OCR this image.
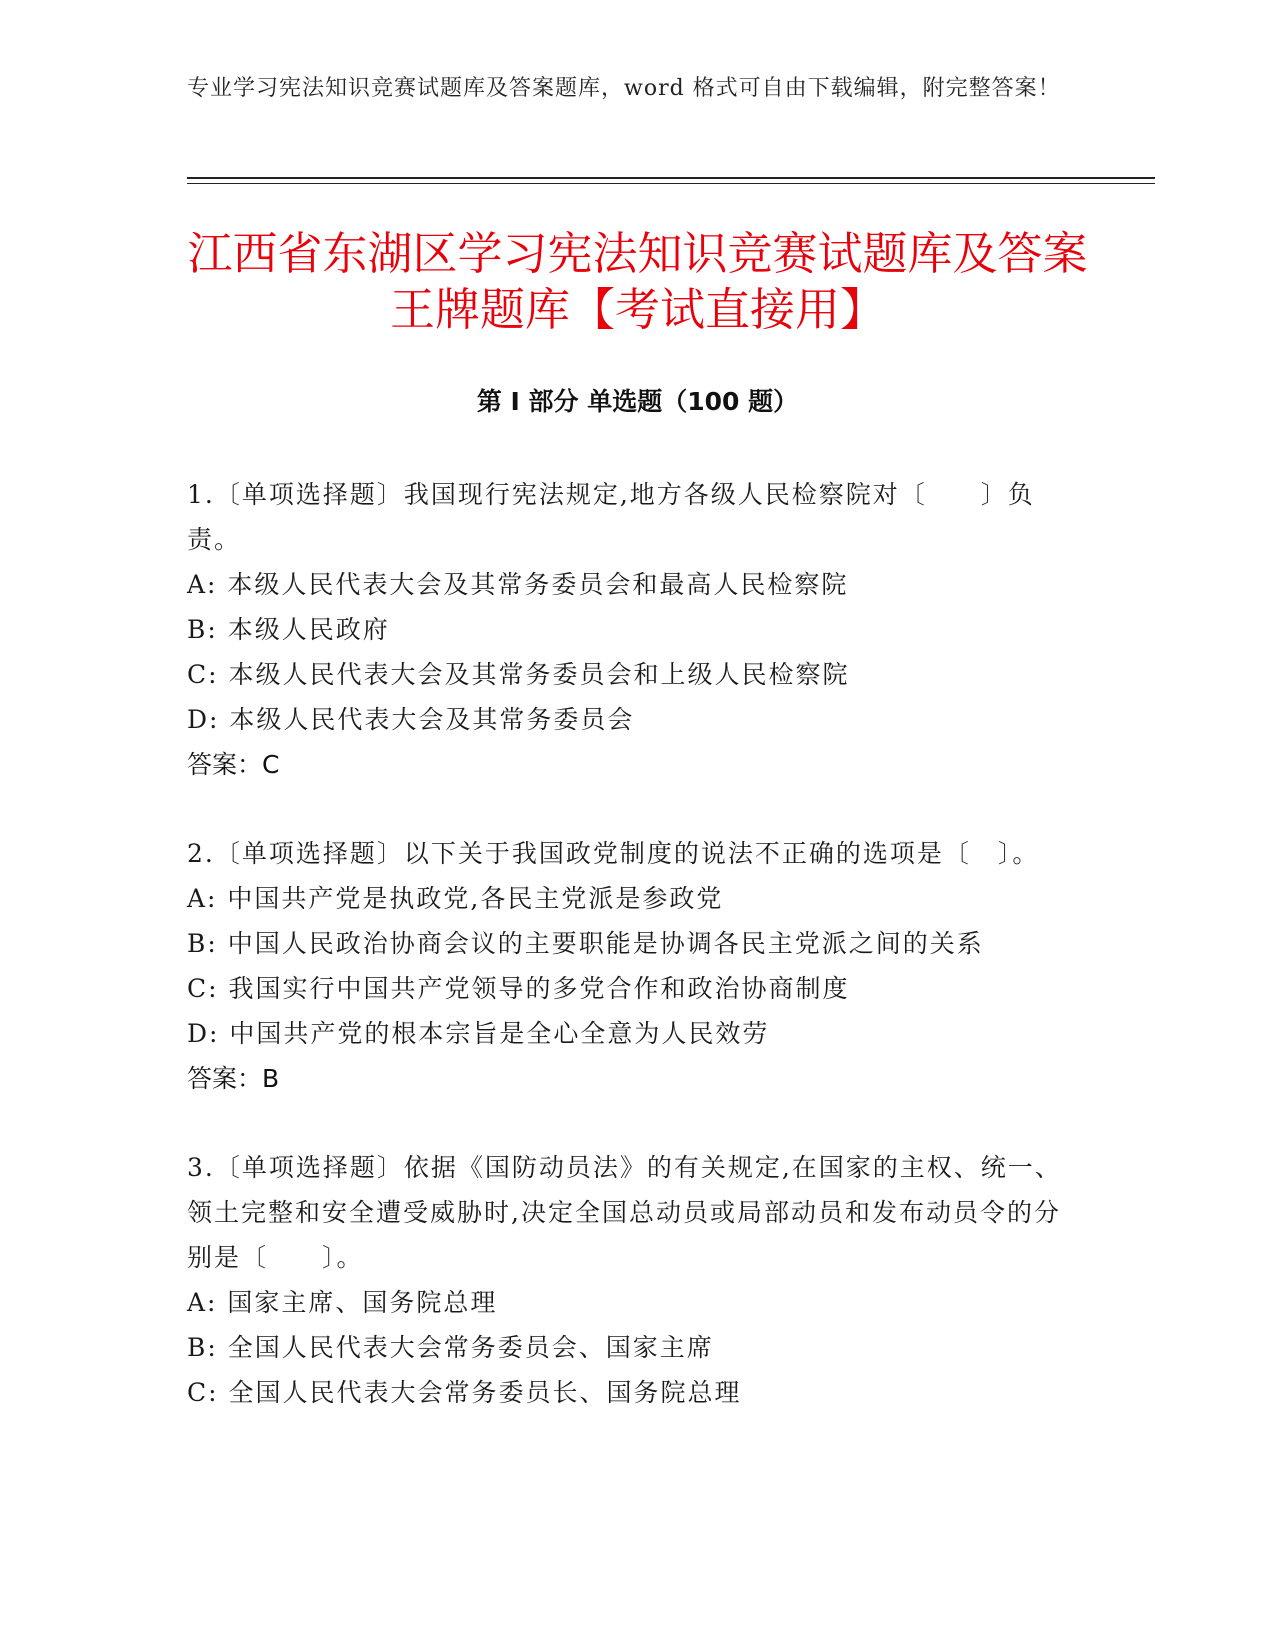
专业学习宪法知识竞赛试题库及答案题库，word 格式可自由下载编辑，附完整答案！
江西省东湖区学习宪法知识竞赛试题库及答案王牌题库【考试直接用】
第 I 部分 单选题（100 题）
1.〔单项选择题〕我国现行宪法规定,地方各级人民检察院对〔　　〕负责。
A: 本级人民代表大会及其常务委员会和最高人民检察院
B: 本级人民政府
C: 本级人民代表大会及其常务委员会和上级人民检察院
D: 本级人民代表大会及其常务委员会
答案：C
2.〔单项选择题〕以下关于我国政党制度的说法不正确的选项是〔　〕。
A: 中国共产党是执政党,各民主党派是参政党
B: 中国人民政治协商会议的主要职能是协调各民主党派之间的关系
C: 我国实行中国共产党领导的多党合作和政治协商制度
D: 中国共产党的根本宗旨是全心全意为人民效劳
答案：B
3.〔单项选择题〕依据《国防动员法》的有关规定,在国家的主权、统一、领土完整和安全遭受威胁时,决定全国总动员或局部动员和发布动员令的分别是〔　　〕。
A: 国家主席、国务院总理
B: 全国人民代表大会常务委员会、国家主席
C: 全国人民代表大会常务委员长、国务院总理
